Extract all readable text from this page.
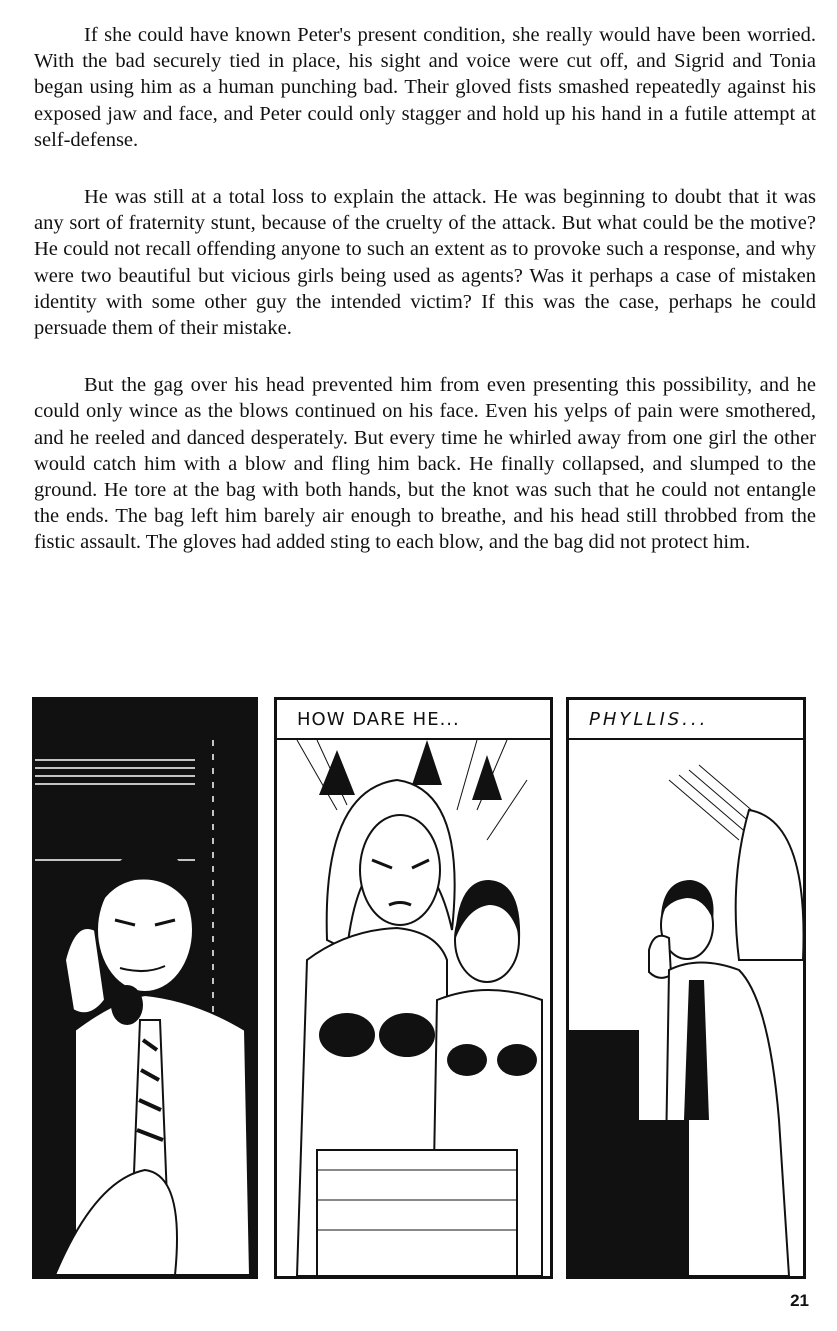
If she could have known Peter's present condition, she really would have been worried. With the bad securely tied in place, his sight and voice were cut off, and Sigrid and Tonia began using him as a human punching bad. Their gloved fists smashed repeatedly against his exposed jaw and face, and Peter could only stagger and hold up his hand in a futile attempt at self-defense.

He was still at a total loss to explain the attack. He was beginning to doubt that it was any sort of fraternity stunt, because of the cruelty of the attack. But what could be the motive? He could not recall offending anyone to such an extent as to provoke such a response, and why were two beautiful but vicious girls being used as agents? Was it perhaps a case of mistaken identity with some other guy the intended victim? If this was the case, perhaps he could persuade them of their mistake.

But the gag over his head prevented him from even presenting this possibility, and he could only wince as the blows continued on his face. Even his yelps of pain were smothered, and he reeled and danced desperately. But every time he whirled away from one girl the other would catch him with a blow and fling him back. He finally collapsed, and slumped to the ground. He tore at the bag with both hands, but the knot was such that he could not entangle the ends. The bag left him barely air enough to breathe, and his head still throbbed from the fistic assault. The gloves had added sting to each blow, and the bag did not protect him.

HOW DARE HE...	PHYLLIS...
21
